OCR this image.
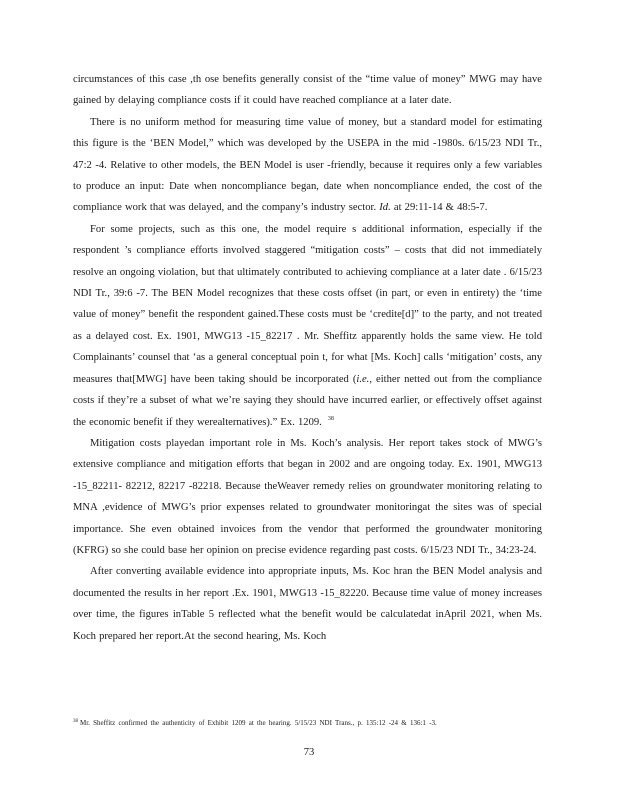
circumstances of this case ,th ose benefits generally consist of the “time value of money” MWG may have gained by delaying compliance costs if it could have reached compliance at a later date.

There is no uniform method for measuring time value of money, but a standard model for estimating this figure is the ‘BEN Model,” which was developed by the USEPA in the mid -1980s. 6/15/23 NDI Tr., 47:2 -4. Relative to other models, the BEN Model is user -friendly, because it requires only a few variables to produce an input: Date when noncompliance began, date when noncompliance ended, the cost of the compliance work that was delayed, and the company’s industry sector. Id. at 29:11-14 & 48:5-7.

For some projects, such as this one, the model require s additional information, especially if the respondent ’s compliance efforts involved staggered “mitigation costs” – costs that did not immediately resolve an ongoing violation, but that ultimately contributed to achieving compliance at a later date . 6/15/23 NDI Tr., 39:6 -7. The BEN Model recognizes that these costs offset (in part, or even in entirety) the ‘time value of money” benefit the respondent gained.These costs must be ‘credite[d]” to the party, and not treated as a delayed cost. Ex. 1901, MWG13 -15_82217 . Mr. Sheffitz apparently holds the same view. He told Complainants’ counsel that ‘as a general conceptual poin t, for what [Ms. Koch] calls ‘mitigation’ costs, any measures that[MWG] have been taking should be incorporated (i.e., either netted out from the compliance costs if they’re a subset of what we’re saying they should have incurred earlier, or effectively offset against the economic benefit if they werealternatives).” Ex. 1209. $^{38}$

Mitigation costs playedan important role in Ms. Koch’s analysis. Her report takes stock of MWG’s extensive compliance and mitigation efforts that began in 2002 and are ongoing today. Ex. 1901, MWG13 -15_82211- 82212, 82217 -82218. Because theWeaver remedy relies on groundwater monitoring relating to MNA ,evidence of MWG’s prior expenses related to groundwater monitoringat the sites was of special importance. She even obtained invoices from the vendor that performed the groundwater monitoring (KFRG) so she could base her opinion on precise evidence regarding past costs. 6/15/23 NDI Tr., 34:23-24.

After converting available evidence into appropriate inputs, Ms. Koc hran the BEN Model analysis and documented the results in her report .Ex. 1901, MWG13 -15_82220. Because time value of money increases over time, the figures inTable 5 reflected what the benefit would be calculatedat inApril 2021, when Ms. Koch prepared her report.At the second hearing, Ms. Koch

$^{38}$ Mr. Sheffitz confirmed the authenticity of Exhibit 1209 at the hearing. 5/15/23 NDI Trans., p. 135:12 -24 & 136:1 -3.
73
